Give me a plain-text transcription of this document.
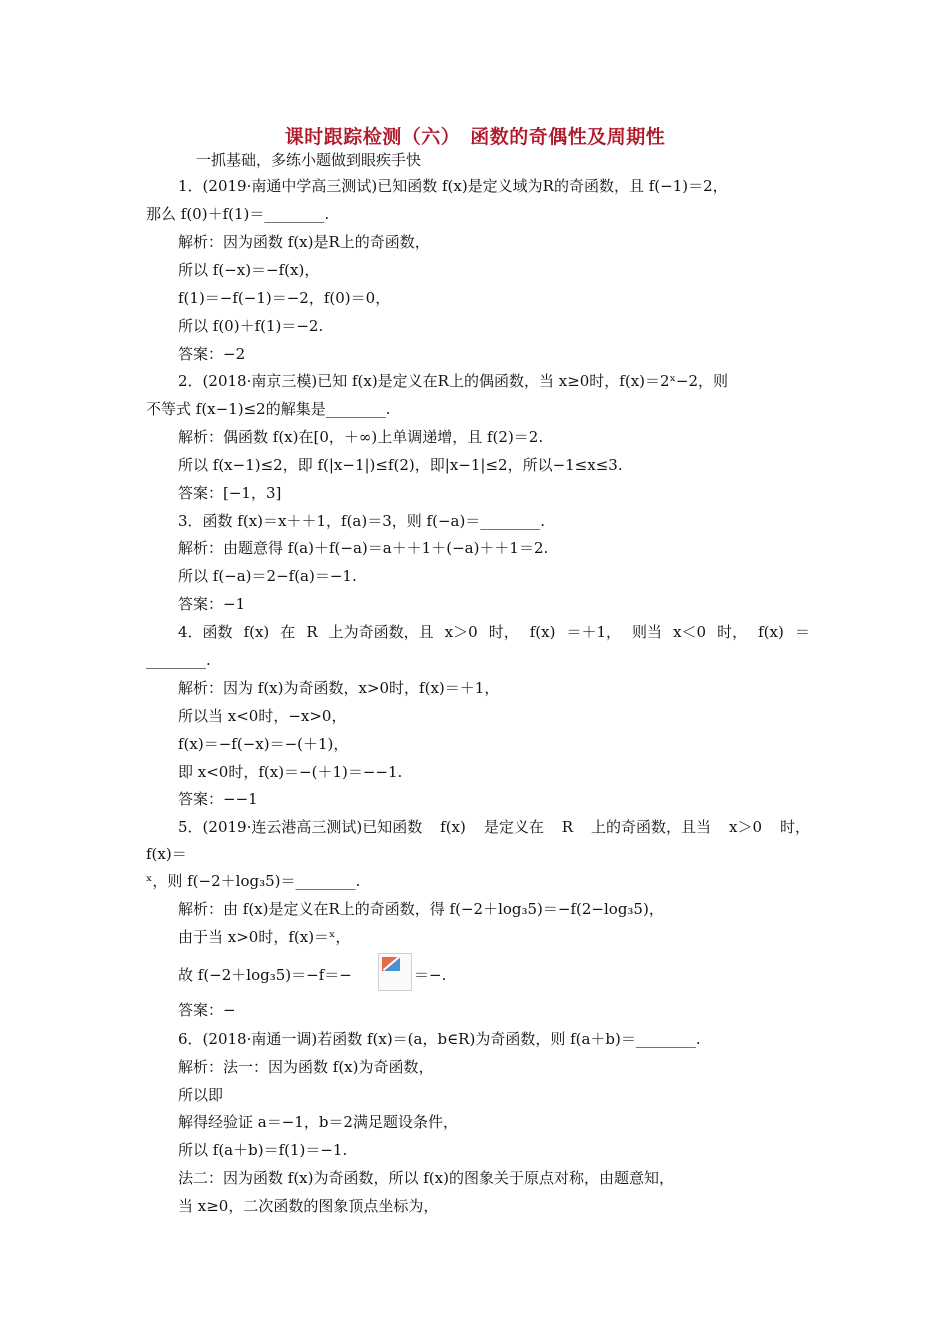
课时跟踪检测（六）　函数的奇偶性及周期性
一抓基础，多练小题做到眼疾手快
1．(2019·南通中学高三测试)已知函数 f(x)是定义域为R的奇函数，且 f(−1)＝2，
那么 f(0)＋f(1)＝________.
解析：因为函数 f(x)是R上的奇函数，
所以 f(−x)＝−f(x)，
f(1)＝−f(−1)＝−2，f(0)＝0，
所以 f(0)＋f(1)＝−2.
答案：−2
2．(2018·南京三模)已知 f(x)是定义在R上的偶函数，当 x≥0时，f(x)＝2ˣ−2，则
不等式 f(x−1)≤2的解集是________.
解析：偶函数 f(x)在[0，＋∞)上单调递增，且 f(2)＝2.
所以 f(x−1)≤2，即 f(|x−1|)≤f(2)，即|x−1|≤2，所以−1≤x≤3.
答案：[−1，3]
3．函数 f(x)＝x＋＋1，f(a)＝3，则 f(−a)＝________.
解析：由题意得 f(a)＋f(−a)＝a＋＋1＋(−a)＋＋1＝2.
所以 f(−a)＝2−f(a)＝−1.
答案：−1
4．函数 f(x) 在 R 上为奇函数，且 x＞0 时， f(x) ＝＋1， 则当 x＜0 时， f(x) ＝
________.
解析：因为 f(x)为奇函数，x>0时，f(x)＝＋1，
所以当 x<0时，−x>0，
f(x)＝−f(−x)＝−(＋1)，
即 x<0时，f(x)＝−(＋1)＝−−1.
答案：−−1
5．(2019·连云港高三测试)已知函数 f(x) 是定义在 R 上的奇函数，且当 x＞0 时，
f(x)＝
ˣ，则 f(−2＋log₃5)＝________.
解析：由 f(x)是定义在R上的奇函数，得 f(−2＋log₃5)＝−f(2−log₃5)，
由于当 x>0时，f(x)＝ˣ，
故 f(−2＋log₃5)＝−f＝−	＝−.
答案：−
6．(2018·南通一调)若函数 f(x)＝(a，b∈R)为奇函数，则 f(a＋b)＝________.
解析：法一：因为函数 f(x)为奇函数，
所以即
解得经验证 a＝−1，b＝2满足题设条件，
所以 f(a＋b)＝f(1)＝−1.
法二：因为函数 f(x)为奇函数，所以 f(x)的图象关于原点对称，由题意知，
当 x≥0，二次函数的图象顶点坐标为，
